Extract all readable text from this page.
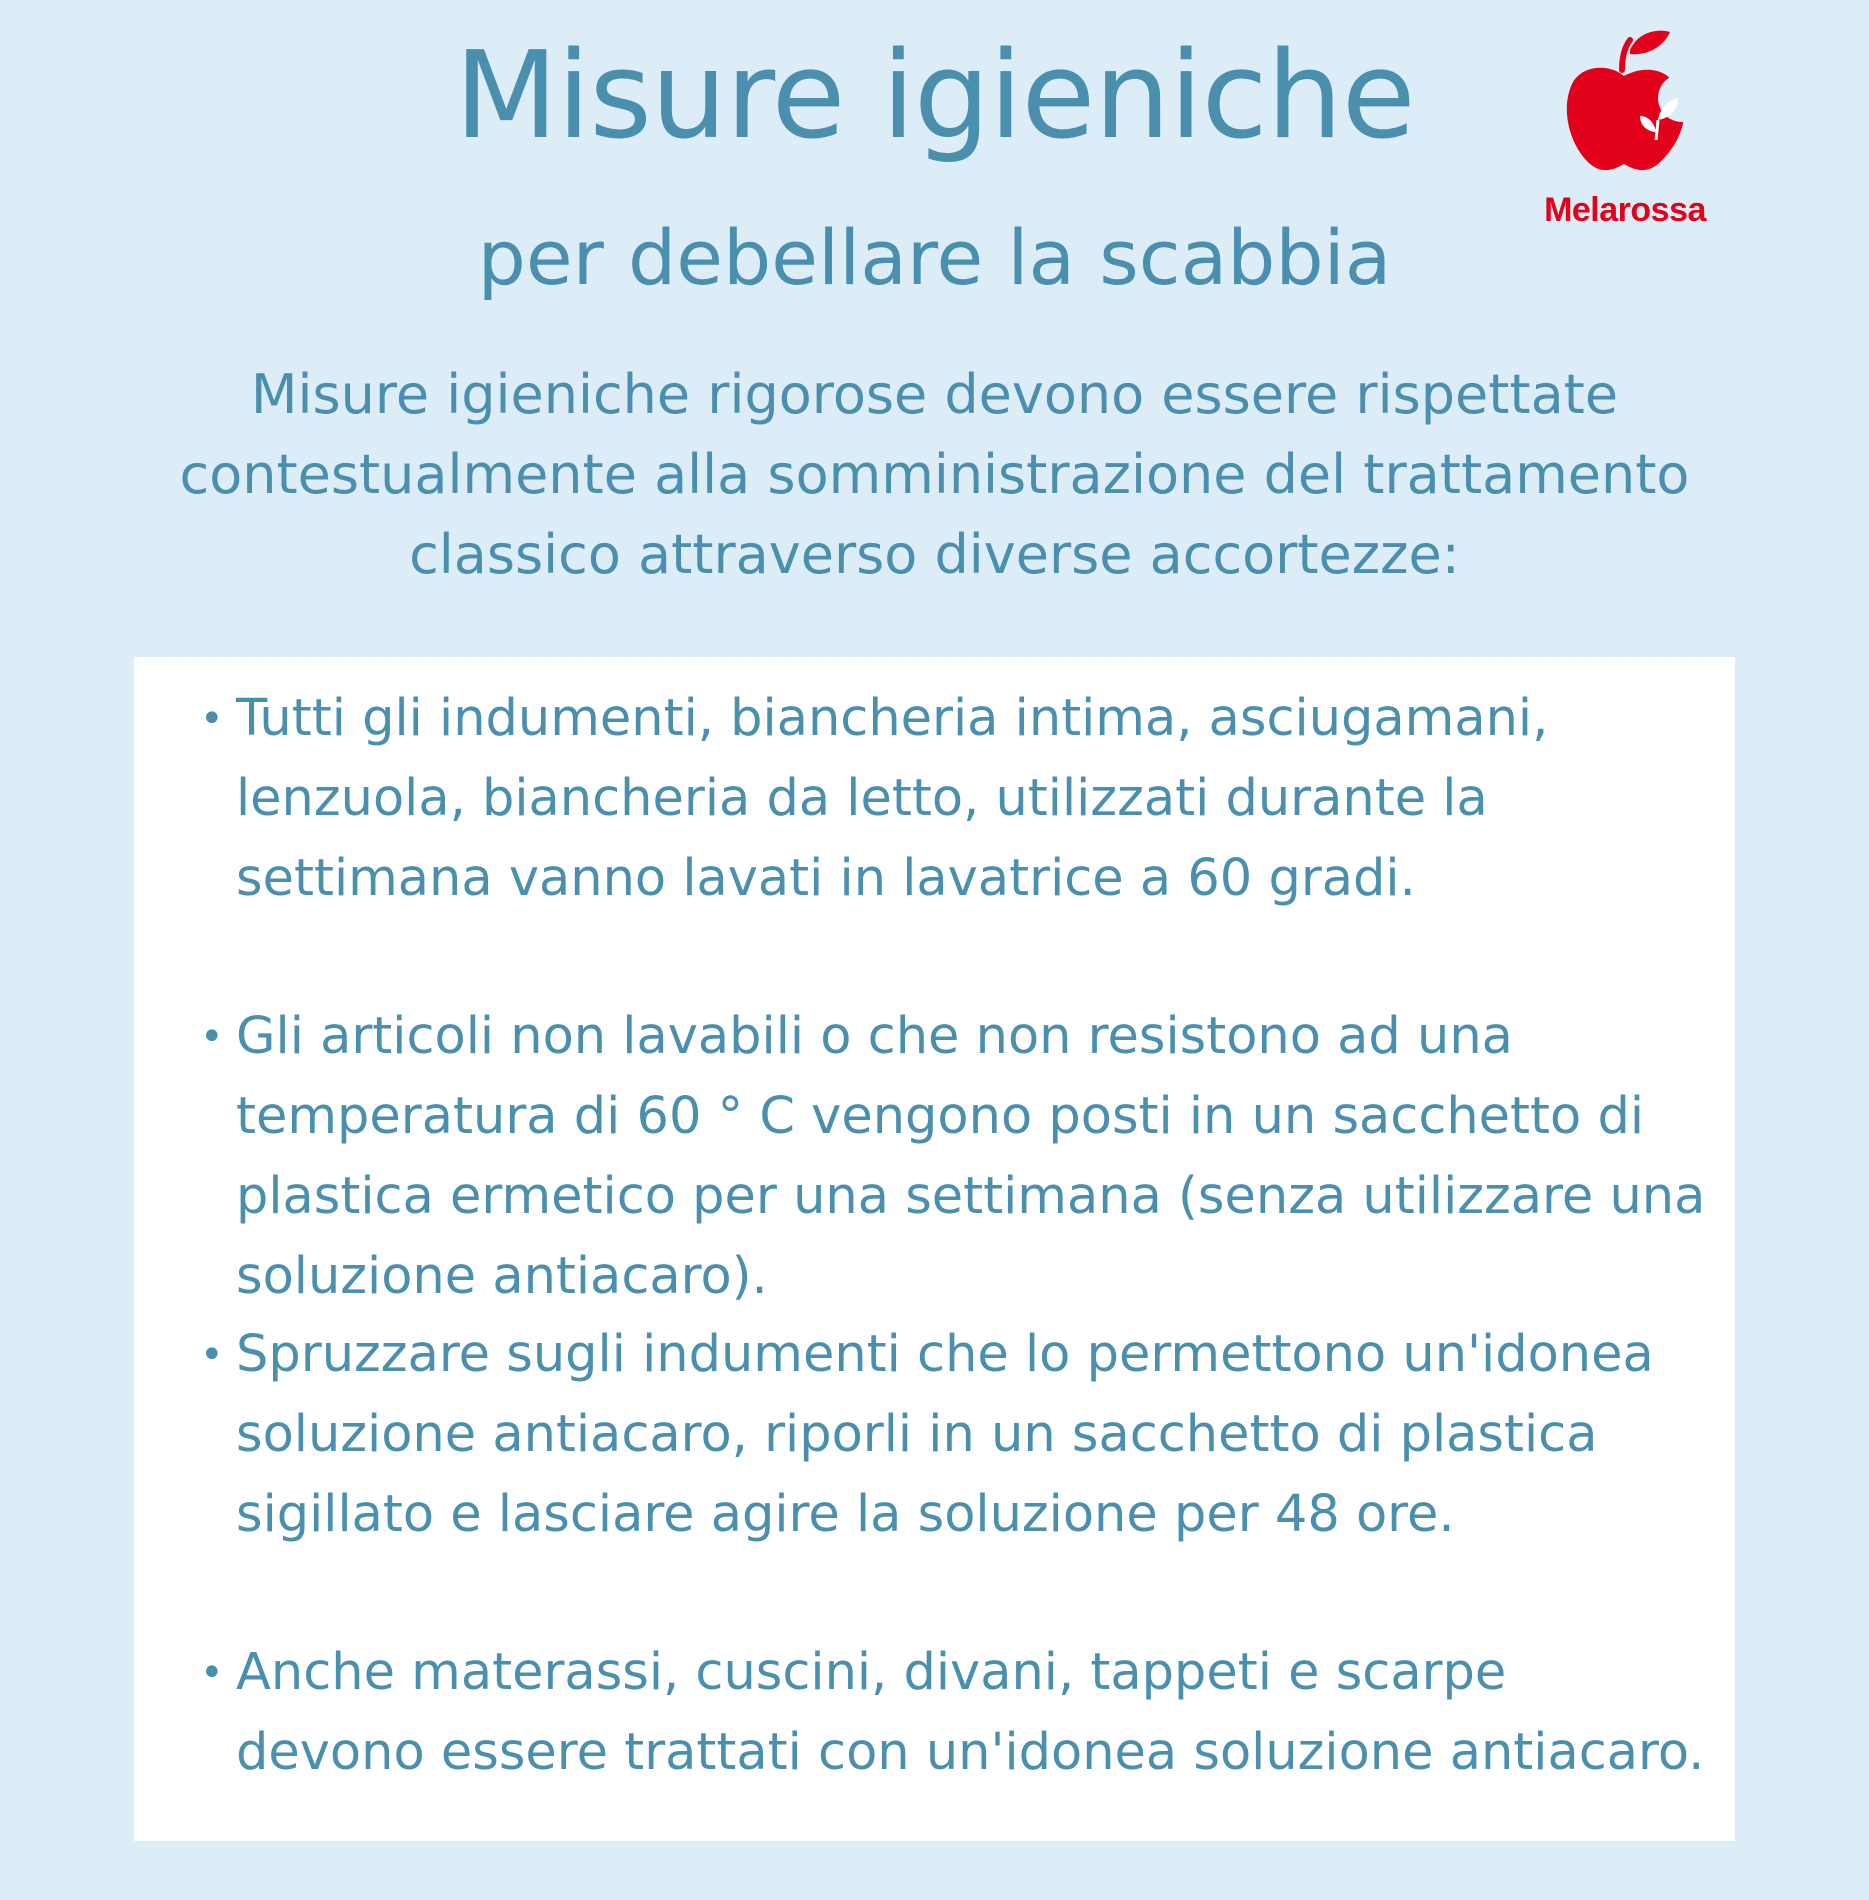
Misure igieniche
per debellare la scabbia
Melarossa
Misure igieniche rigorose devono essere rispettate contestualmente alla somministrazione del trattamento classico attraverso diverse accortezze:
• Tutti gli indumenti, biancheria intima, asciugamani, lenzuola, biancheria da letto, utilizzati durante la settimana vanno lavati in lavatrice a 60 gradi.
• Gli articoli non lavabili o che non resistono ad una temperatura di 60 ° C vengono posti in un sacchetto di plastica ermetico per una settimana (senza utilizzare una soluzione antiacaro).
• Spruzzare sugli indumenti che lo permettono un'idonea soluzione antiacaro, riporli in un sacchetto di plastica sigillato e lasciare agire la soluzione per 48 ore.
• Anche materassi, cuscini, divani, tappeti e scarpe devono essere trattati con un'idonea soluzione antiacaro.
